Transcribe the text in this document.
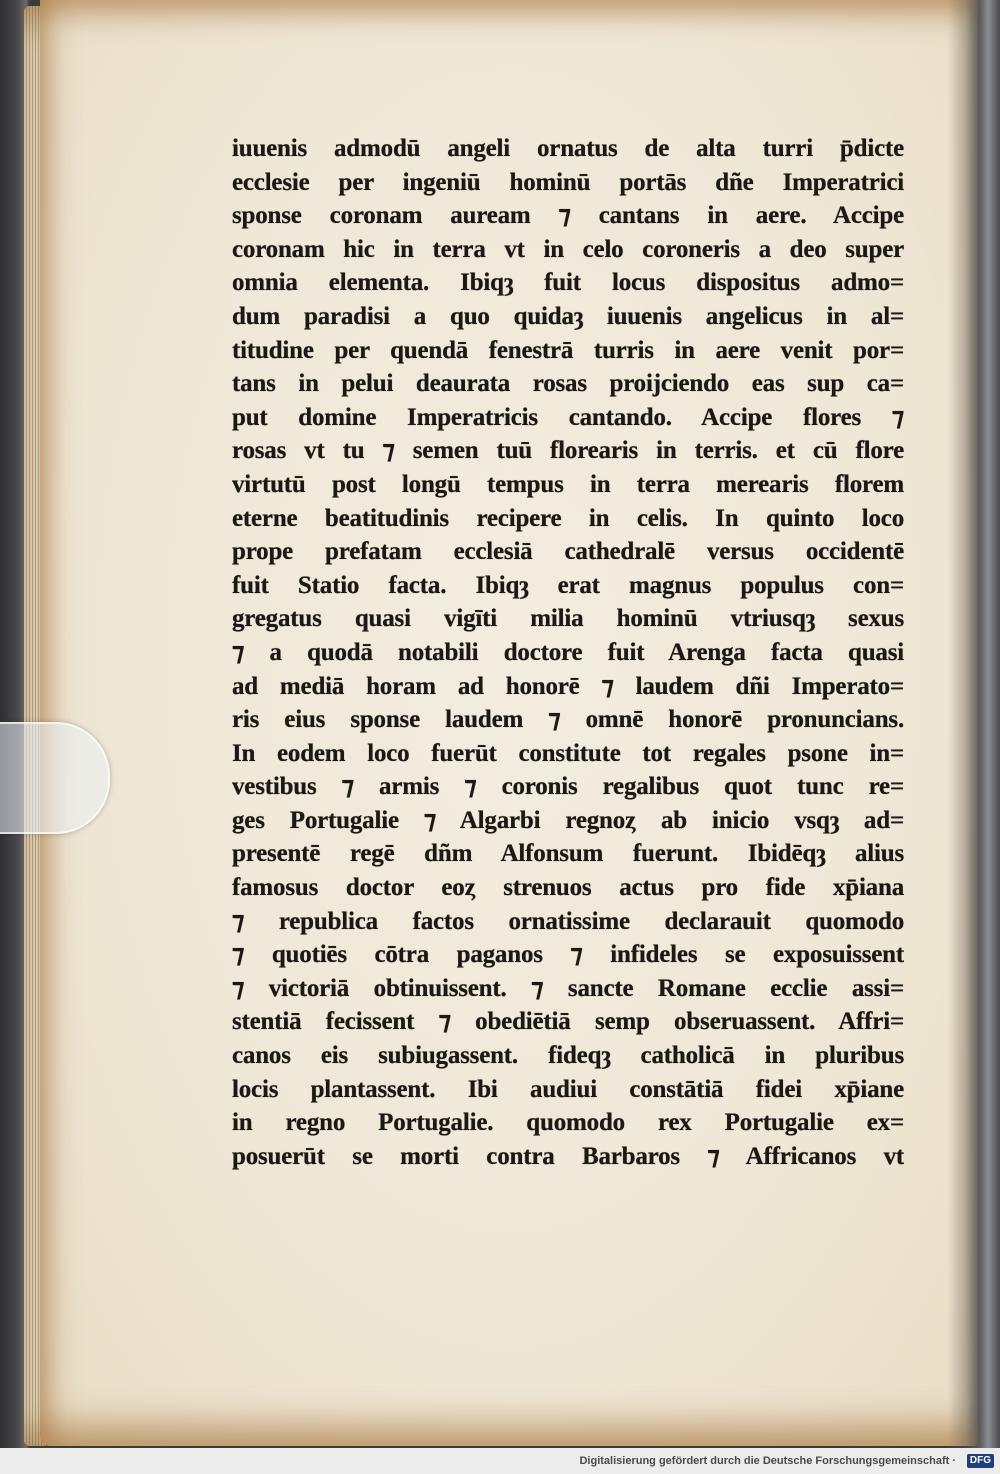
iuuenis admodū angeli ornatus de alta turri p̄dicte
ecclesie per ingeniū hominū portās dñe Imperatrici
sponse coronam auream ⁊ cantans in aere. Accipe
coronam hic in terra vt in celo coroneris a deo super
omnia elementa. Ibiqȝ fuit locus dispositus admo=
dum paradisi a quo quidaȝ iuuenis angelicus in al=
titudine per quendā fenestrā turris in aere venit por=
tans in pelui deaurata rosas proijciendo eas sup ca=
put domine Imperatricis cantando. Accipe flores ⁊
rosas vt tu ⁊ semen tuū florearis in terris. et cū flore
virtutū post longū tempus in terra merearis florem
eterne beatitudinis recipere in celis. In quinto loco
prope prefatam ecclesiā cathedralē versus occidentē
fuit Statio facta. Ibiqȝ erat magnus populus con=
gregatus quasi vigīti milia hominū vtriusqȝ sexus
⁊ a quodā notabili doctore fuit Arenga facta quasi
ad mediā horam ad honorē ⁊ laudem dñi Imperato=
ris eius sponse laudem ⁊ omnē honorē pronuncians.
In eodem loco fuerūt constitute tot regales psone in=
vestibus ⁊ armis ⁊ coronis regalibus quot tunc re=
ges Portugalie ⁊ Algarbi regnoȥ ab inicio vsqȝ ad=
presentē regē dñm Alfonsum fuerunt. Ibidēqȝ alius
famosus doctor eoȥ strenuos actus pro fide xp̄iana
⁊ republica factos ornatissime declarauit quomodo
⁊ quotiēs cōtra paganos ⁊ infideles se exposuissent
⁊ victoriā obtinuissent. ⁊ sancte Romane ecclie assi=
stentiā fecissent ⁊ obediētiā semp obseruassent. Affri=
canos eis subiugassent. fideqȝ catholicā in pluribus
locis plantassent. Ibi audiui constātiā fidei xp̄iane
in regno Portugalie. quomodo rex Portugalie ex=
posuerūt se morti contra Barbaros ⁊ Affricanos vt
Digitalisierung gefördert durch die Deutsche Forschungsgemeinschaft ·	DFG
